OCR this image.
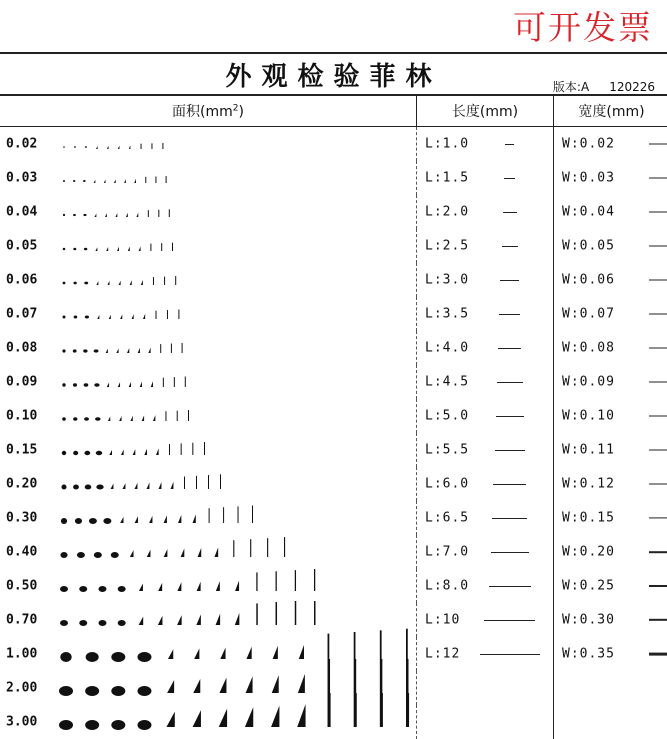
可开发票
外观检验菲林	版本:A 120226
面积$(mm^2)$	长度(mm)	宽度(mm)

0.02	L:1.0	W:0.02

0.03	L:1.5	W:0.03

0.04	L:2.0	W:0.04

0.05	L:2.5	W:0.05

0.06	L:3.0	W:0.06

0.07	L:3.5	W:0.07

0.08	L:4.0	W:0.08

0.09	L:4.5	W:0.09

0.10	L:5.0	W:0.10

0.15	L:5.5	W:0.11

0.20	L:6.0	W:0.12

0.30	L:6.5	W:0.15

0.40	L:7.0	W:0.20

0.50	L:8.0	W:0.25

0.70	L:10	W:0.30

1.00	L:12	W:0.35

2.00		

3.00		
